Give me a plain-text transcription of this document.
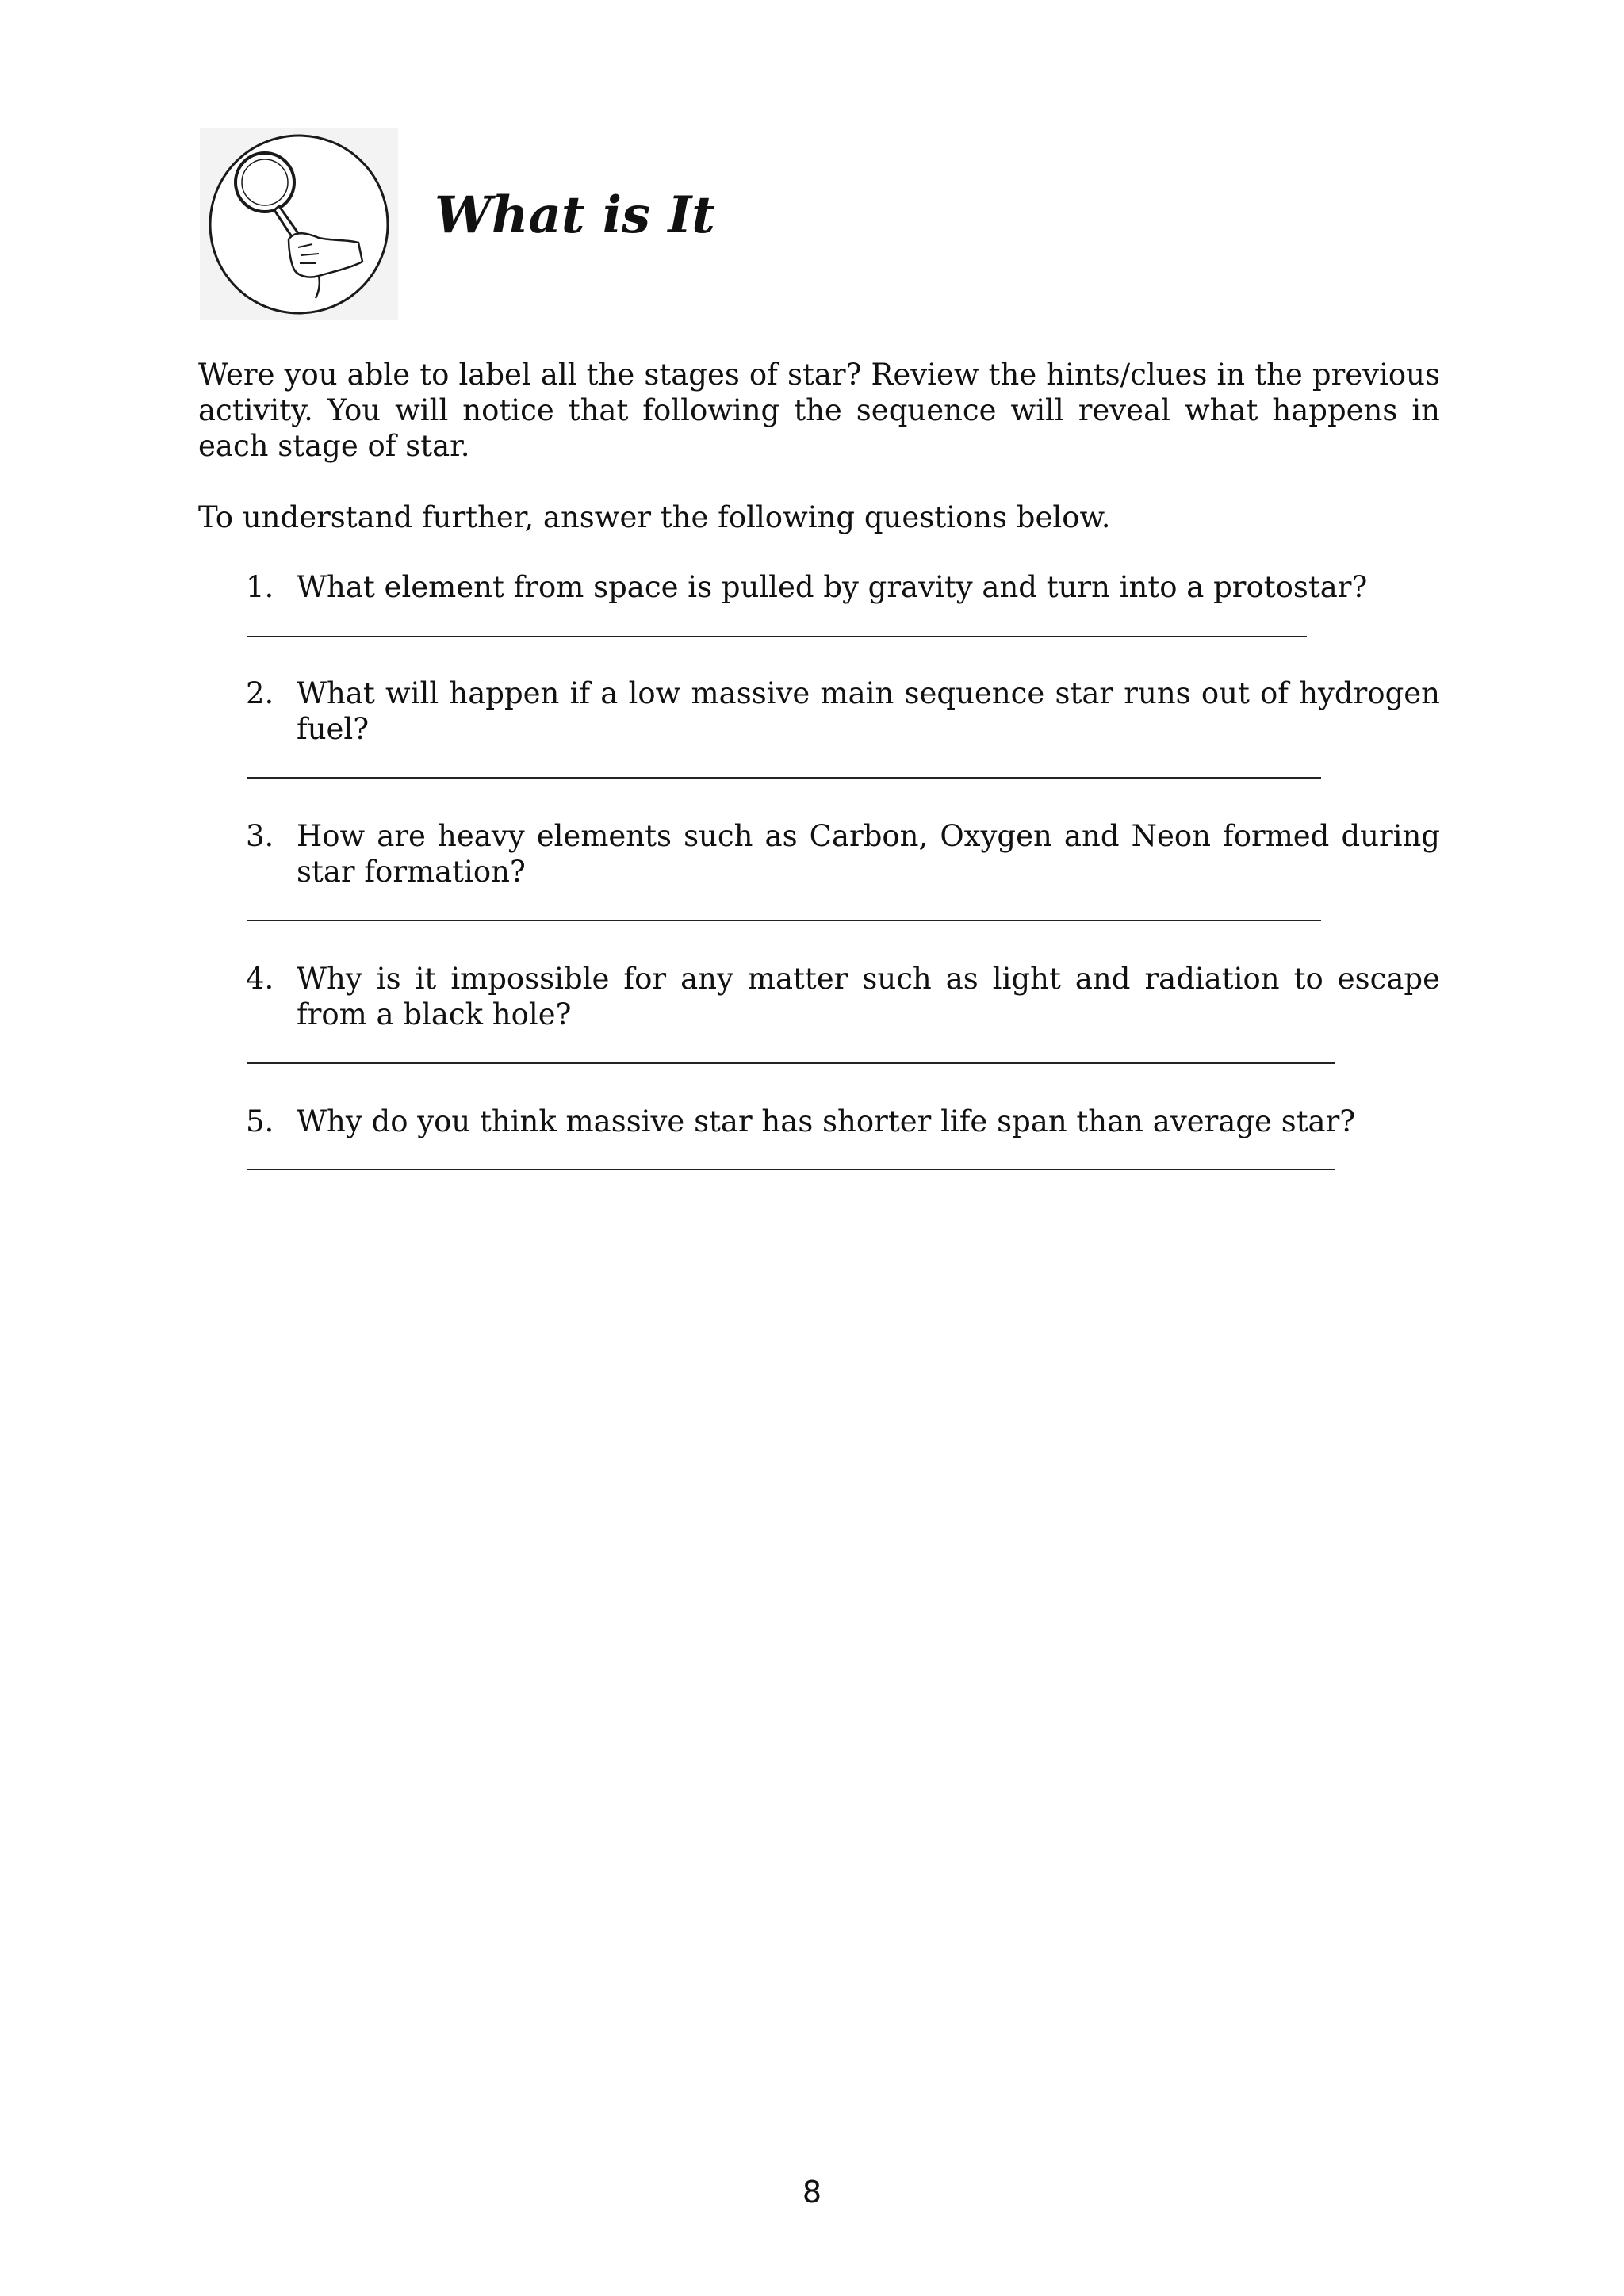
What is It

Were you able to label all the stages of star? Review the hints/clues in the previous activity. You will notice that following the sequence will reveal what happens in each stage of star.

To understand further, answer the following questions below.

1. What element from space is pulled by gravity and turn into a protostar?
2. What will happen if a low massive main sequence star runs out of hydrogen fuel?
3. How are heavy elements such as Carbon, Oxygen and Neon formed during star formation?
4. Why is it impossible for any matter such as light and radiation to escape from a black hole?
5. Why do you think massive star has shorter life span than average star?
8
